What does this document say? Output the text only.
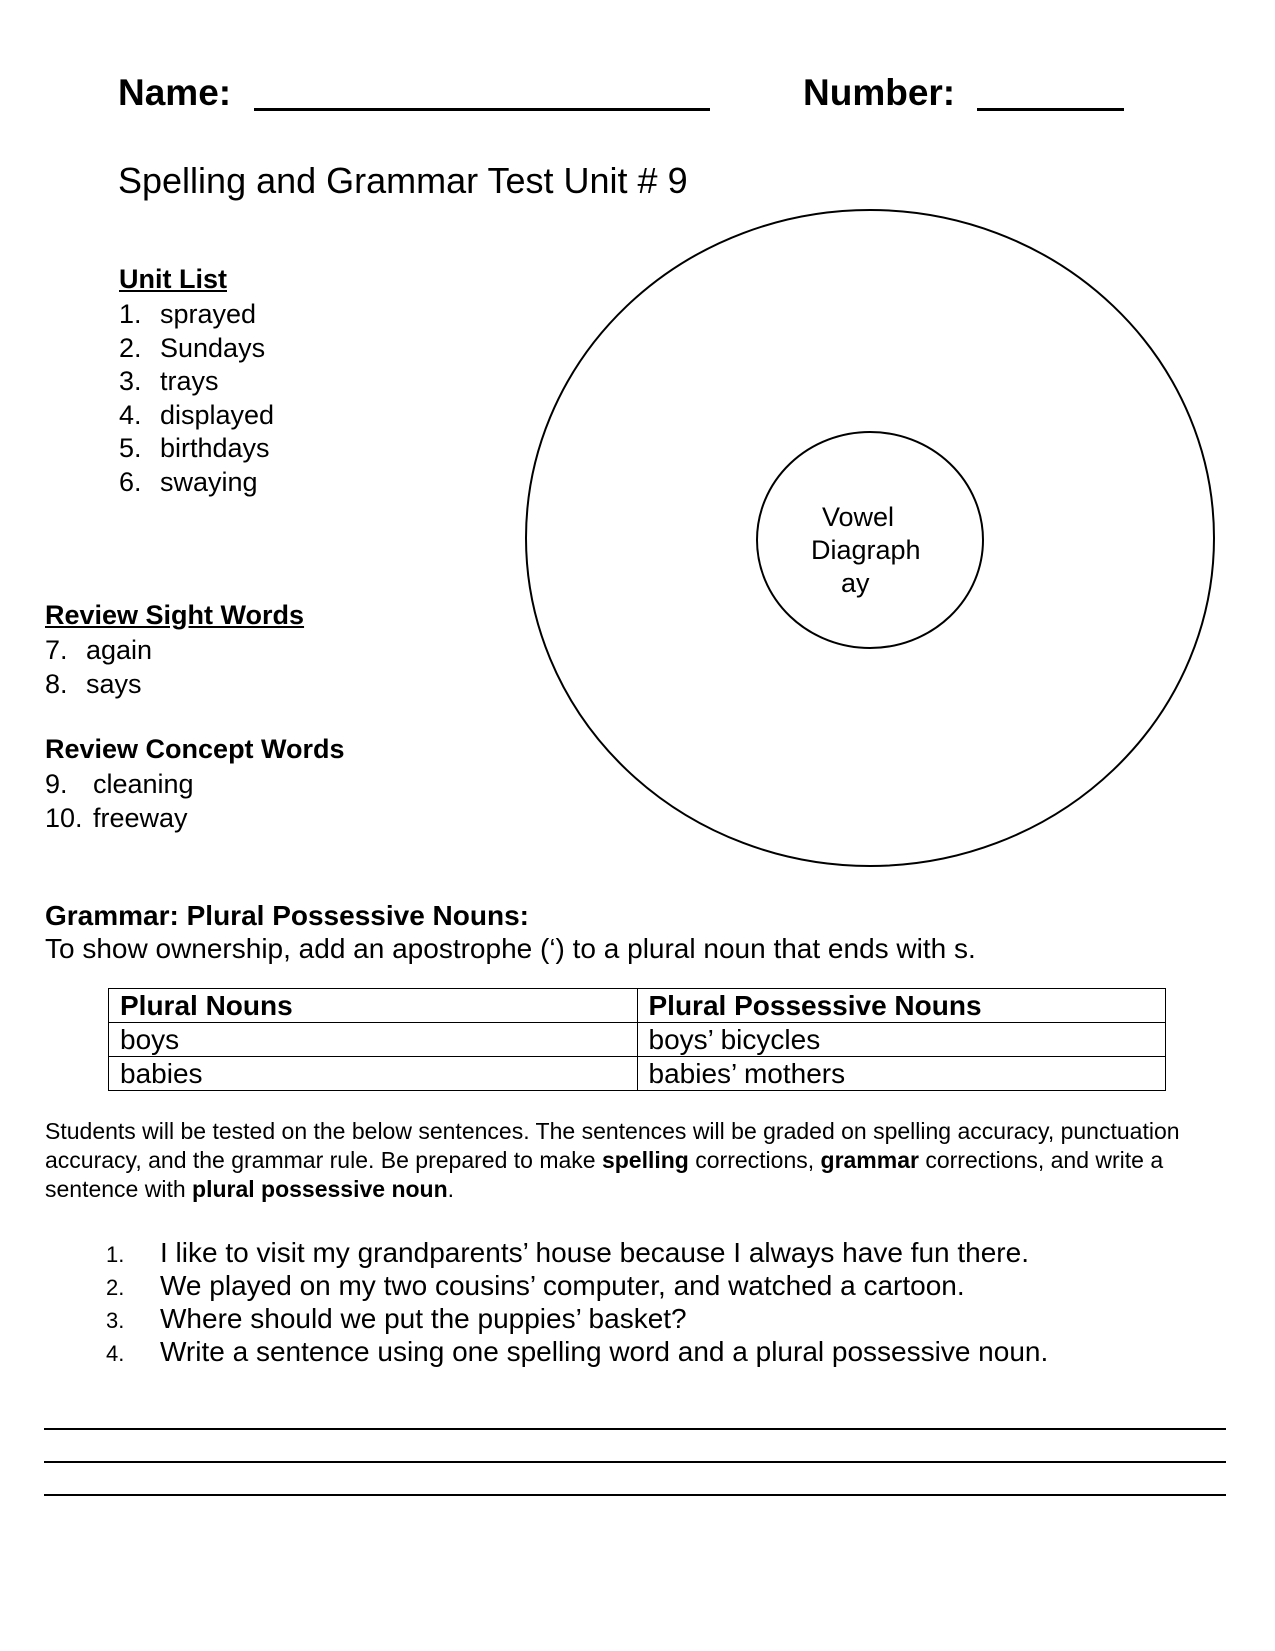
Name:	Number:
Spelling and Grammar Test Unit # 9
Unit List
1. sprayed
2. Sundays
3. trays
4. displayed
5. birthdays
6. swaying
Vowel
Diagraph
ay
Review Sight Words
7. again
8. says
Review Concept Words
9. cleaning
10. freeway
Grammar: Plural Possessive Nouns:
To show ownership, add an apostrophe (‘) to a plural noun that ends with s.
Plural Nouns	Plural Possessive Nouns
boys	boys’ bicycles
babies	babies’ mothers

Students will be tested on the below sentences. The sentences will be graded on spelling accuracy, punctuation accuracy, and the grammar rule. Be prepared to make spelling corrections, grammar corrections, and write a sentence with plural possessive noun.

1. I like to visit my grandparents’ house because I always have fun there.
2. We played on my two cousins’ computer, and watched a cartoon.
3. Where should we put the puppies’ basket?
4. Write a sentence using one spelling word and a plural possessive noun.
